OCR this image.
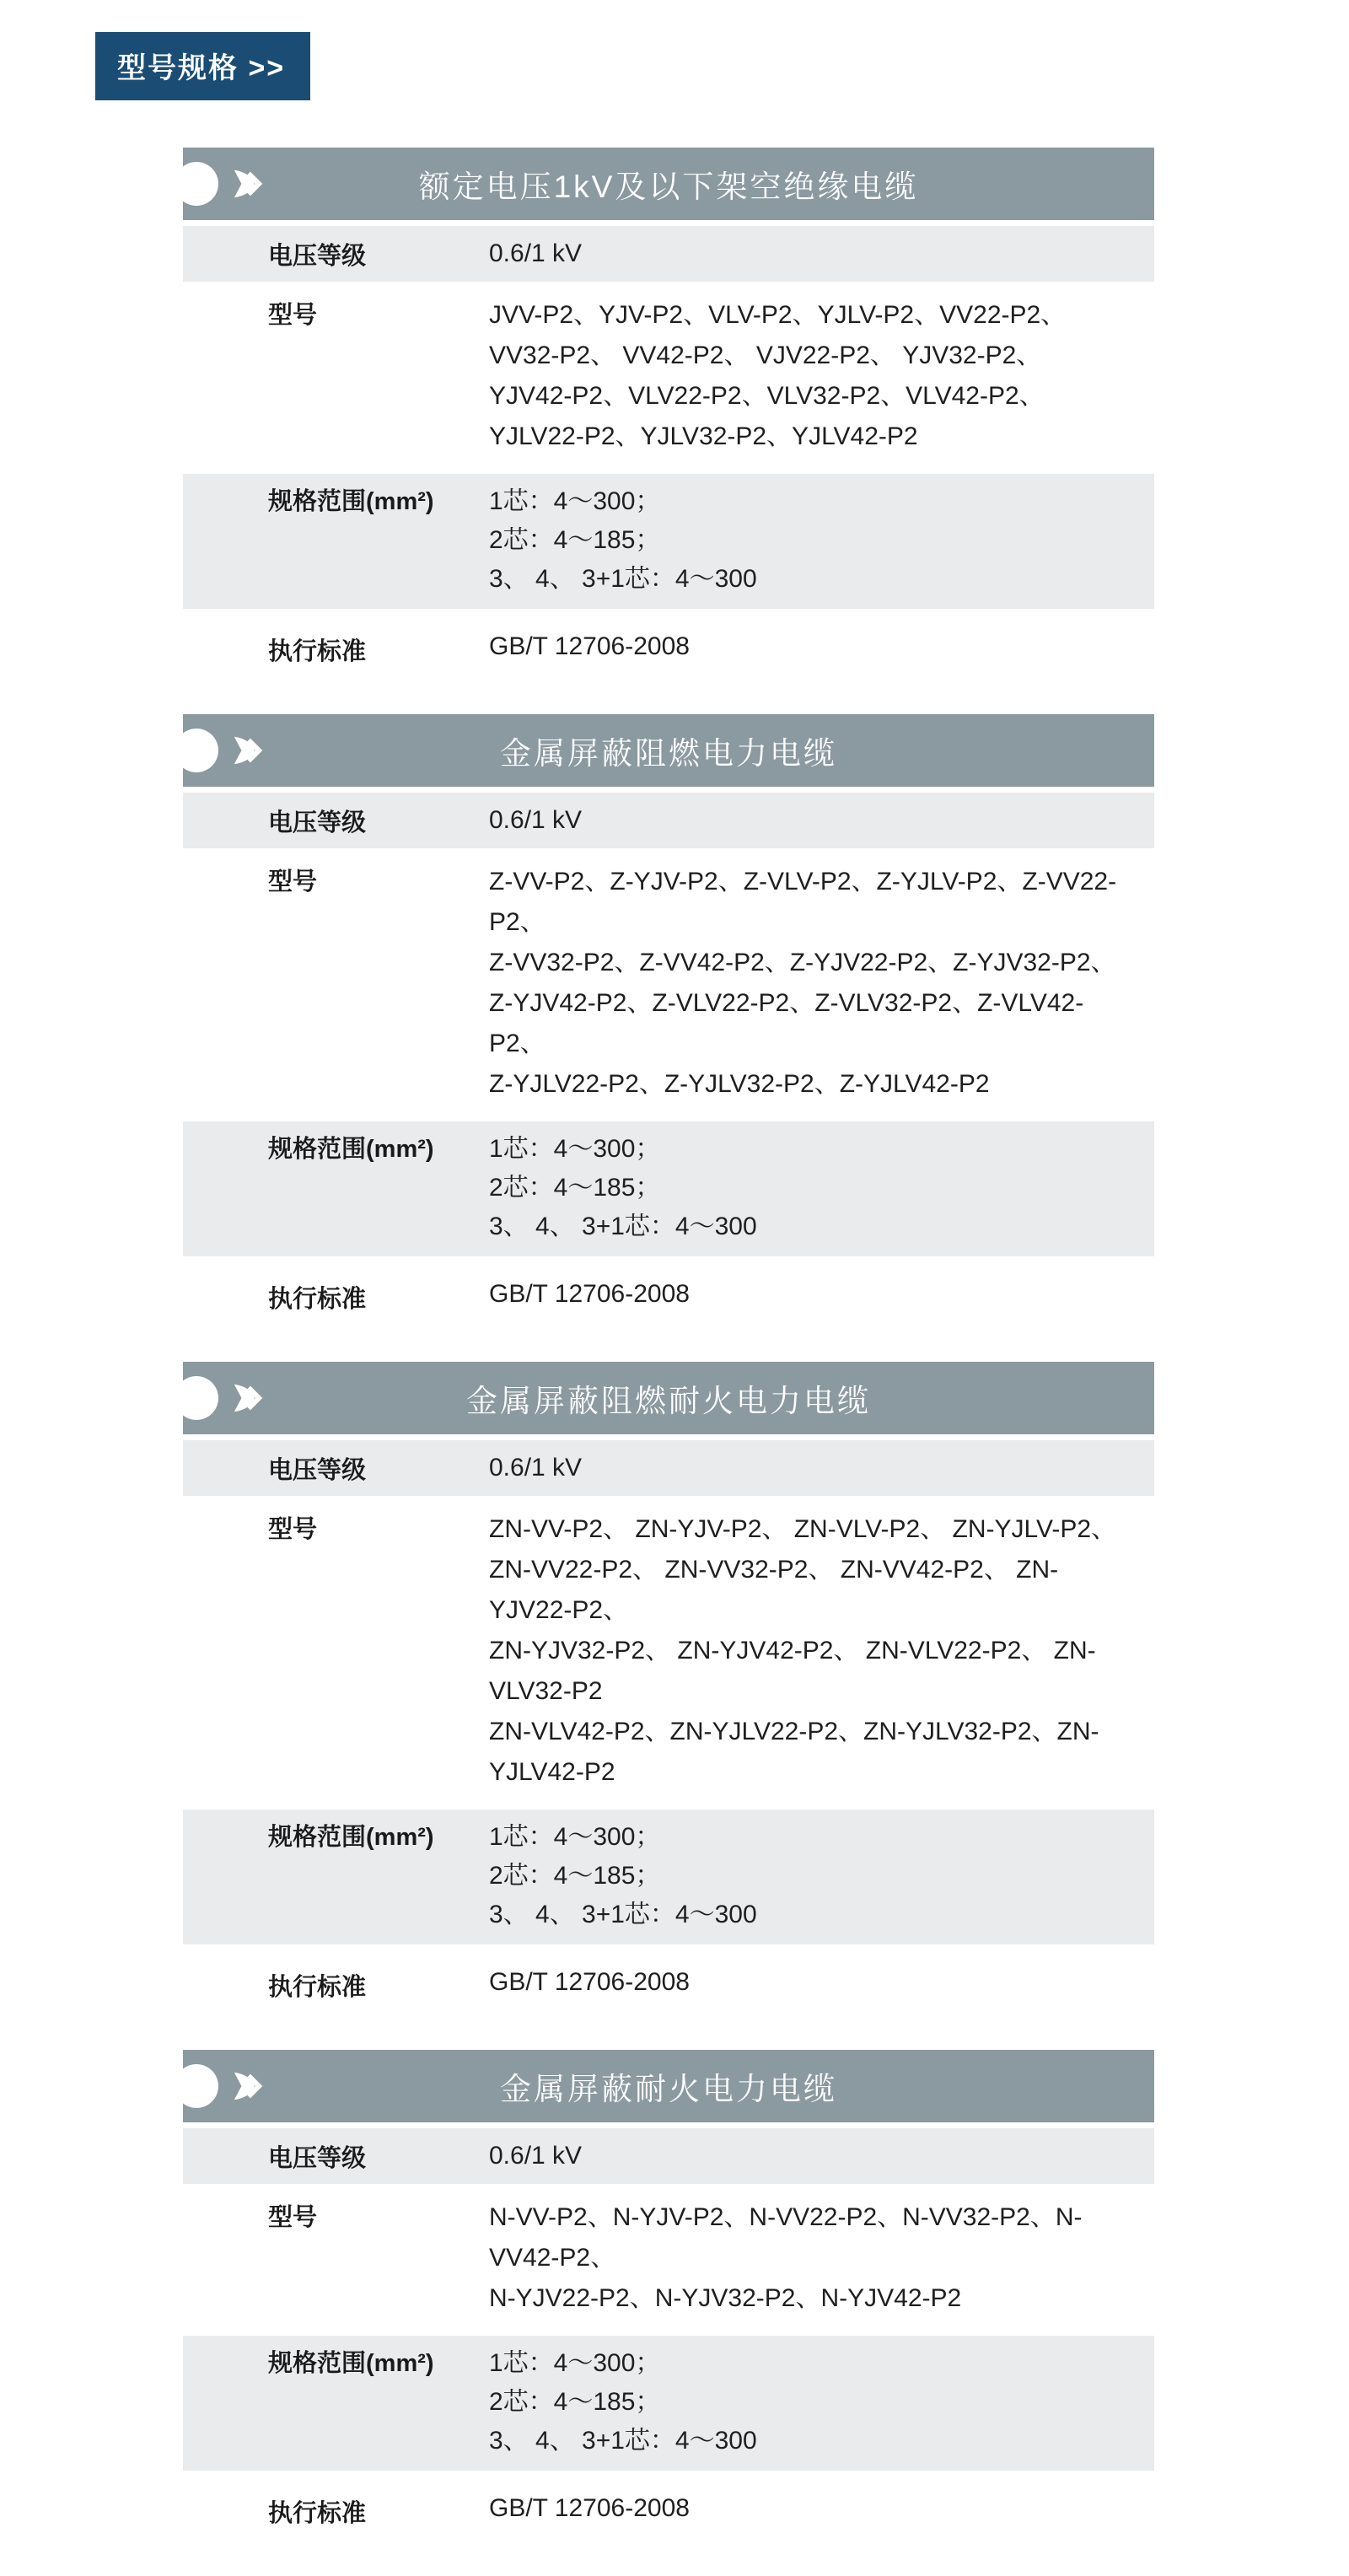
型号规格 >>
额定电压1kV及以下架空绝缘电缆
电压等级	0.6/1 kV
型号	JVV-P2、YJV-P2、VLV-P2、YJLV-P2、VV22-P2、
VV32-P2、 VV42-P2、 VJV22-P2、 YJV32-P2、
YJV42-P2、VLV22-P2、VLV32-P2、VLV42-P2、
YJLV22-P2、YJLV32-P2、YJLV42-P2
规格范围(mm²)	1芯：4～300；
2芯：4～185；
3、 4、 3+1芯：4～300
执行标准	GB/T 12706-2008
金属屏蔽阻燃电力电缆
电压等级	0.6/1 kV
型号	Z-VV-P2、Z-YJV-P2、Z-VLV-P2、Z-YJLV-P2、Z-VV22-P2、
Z-VV32-P2、Z-VV42-P2、Z-YJV22-P2、Z-YJV32-P2、
Z-YJV42-P2、Z-VLV22-P2、Z-VLV32-P2、Z-VLV42-P2、
Z-YJLV22-P2、Z-YJLV32-P2、Z-YJLV42-P2
规格范围(mm²)	1芯：4～300；
2芯：4～185；
3、 4、 3+1芯：4～300
执行标准	GB/T 12706-2008
金属屏蔽阻燃耐火电力电缆
电压等级	0.6/1 kV
型号	ZN-VV-P2、 ZN-YJV-P2、 ZN-VLV-P2、 ZN-YJLV-P2、
ZN-VV22-P2、 ZN-VV32-P2、 ZN-VV42-P2、 ZN-YJV22-P2、
ZN-YJV32-P2、 ZN-YJV42-P2、 ZN-VLV22-P2、 ZN-VLV32-P2
ZN-VLV42-P2、ZN-YJLV22-P2、ZN-YJLV32-P2、ZN-YJLV42-P2
规格范围(mm²)	1芯：4～300；
2芯：4～185；
3、 4、 3+1芯：4～300
执行标准	GB/T 12706-2008
金属屏蔽耐火电力电缆
电压等级	0.6/1 kV
型号	N-VV-P2、N-YJV-P2、N-VV22-P2、N-VV32-P2、N-VV42-P2、
N-YJV22-P2、N-YJV32-P2、N-YJV42-P2
规格范围(mm²)	1芯：4～300；
2芯：4～185；
3、 4、 3+1芯：4～300
执行标准	GB/T 12706-2008
